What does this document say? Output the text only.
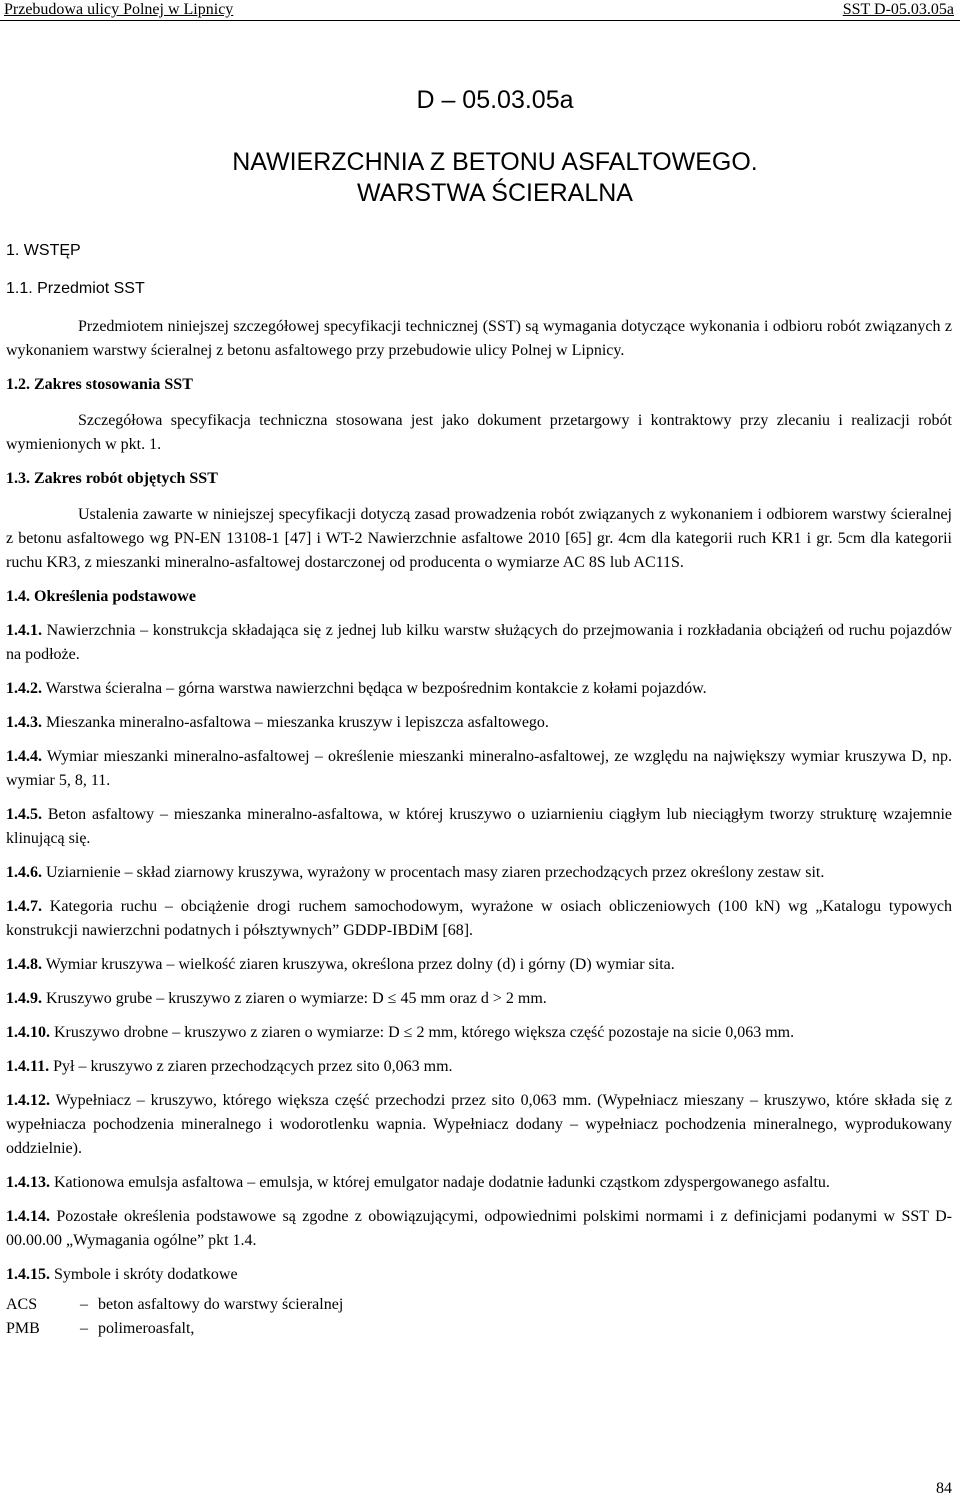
Przebudowa ulicy Polnej w Lipnicy	SST D-05.03.05a
D – 05.03.05a
NAWIERZCHNIA Z BETONU ASFALTOWEGO.
WARSTWA ŚCIERALNA
1. WSTĘP
1.1. Przedmiot SST

Przedmiotem niniejszej szczegółowej specyfikacji technicznej (SST) są wymagania dotyczące wykonania i odbioru robót związanych z wykonaniem warstwy ścieralnej z betonu asfaltowego przy przebudowie ulicy Polnej w Lipnicy.

1.2. Zakres stosowania SST

Szczegółowa specyfikacja techniczna stosowana jest jako dokument przetargowy i kontraktowy przy zlecaniu i realizacji robót wymienionych w pkt. 1.

1.3. Zakres robót objętych SST

Ustalenia zawarte w niniejszej specyfikacji dotyczą zasad prowadzenia robót związanych z wykonaniem i odbiorem warstwy ścieralnej z betonu asfaltowego wg PN-EN 13108-1 [47] i WT-2 Nawierzchnie asfaltowe 2010 [65] gr. 4cm dla kategorii ruch KR1 i gr. 5cm dla kategorii ruchu KR3, z mieszanki mineralno-asfaltowej dostarczonej od producenta o wymiarze AC 8S lub AC11S.

1.4. Określenia podstawowe

1.4.1. Nawierzchnia – konstrukcja składająca się z jednej lub kilku warstw służących do przejmowania i rozkładania obciążeń od ruchu pojazdów na podłoże.

1.4.2. Warstwa ścieralna – górna warstwa nawierzchni będąca w bezpośrednim kontakcie z kołami pojazdów.

1.4.3. Mieszanka mineralno-asfaltowa – mieszanka kruszyw i lepiszcza asfaltowego.

1.4.4. Wymiar mieszanki mineralno-asfaltowej – określenie mieszanki mineralno-asfaltowej, ze względu na największy wymiar kruszywa D, np. wymiar 5, 8, 11.

1.4.5. Beton asfaltowy – mieszanka mineralno-asfaltowa, w której kruszywo o uziarnieniu ciągłym lub nieciągłym tworzy strukturę wzajemnie klinującą się.

1.4.6. Uziarnienie – skład ziarnowy kruszywa, wyrażony w procentach masy ziaren przechodzących przez określony zestaw sit.

1.4.7. Kategoria ruchu – obciążenie drogi ruchem samochodowym, wyrażone w osiach obliczeniowych (100 kN) wg „Katalogu typowych konstrukcji nawierzchni podatnych i półsztywnych” GDDP-IBDiM [68].

1.4.8. Wymiar kruszywa – wielkość ziaren kruszywa, określona przez dolny (d) i górny (D) wymiar sita.

1.4.9. Kruszywo grube – kruszywo z ziaren o wymiarze: D ≤ 45 mm oraz d > 2 mm.

1.4.10. Kruszywo drobne – kruszywo z ziaren o wymiarze: D ≤ 2 mm, którego większa część pozostaje na sicie 0,063 mm.

1.4.11. Pył – kruszywo z ziaren przechodzących przez sito 0,063 mm.

1.4.12. Wypełniacz – kruszywo, którego większa część przechodzi przez sito 0,063 mm. (Wypełniacz mieszany – kruszywo, które składa się z wypełniacza pochodzenia mineralnego i wodorotlenku wapnia. Wypełniacz dodany – wypełniacz pochodzenia mineralnego, wyprodukowany oddzielnie).

1.4.13. Kationowa emulsja asfaltowa – emulsja, w której emulgator nadaje dodatnie ładunki cząstkom zdyspergowanego asfaltu.

1.4.14. Pozostałe określenia podstawowe są zgodne z obowiązującymi, odpowiednimi polskimi normami i z definicjami podanymi w SST D-00.00.00 „Wymagania ogólne” pkt 1.4.

1.4.15. Symbole i skróty dodatkowe

ACS	– beton asfaltowy do warstwy ścieralnej
PMB	– polimeroasfalt,
84
